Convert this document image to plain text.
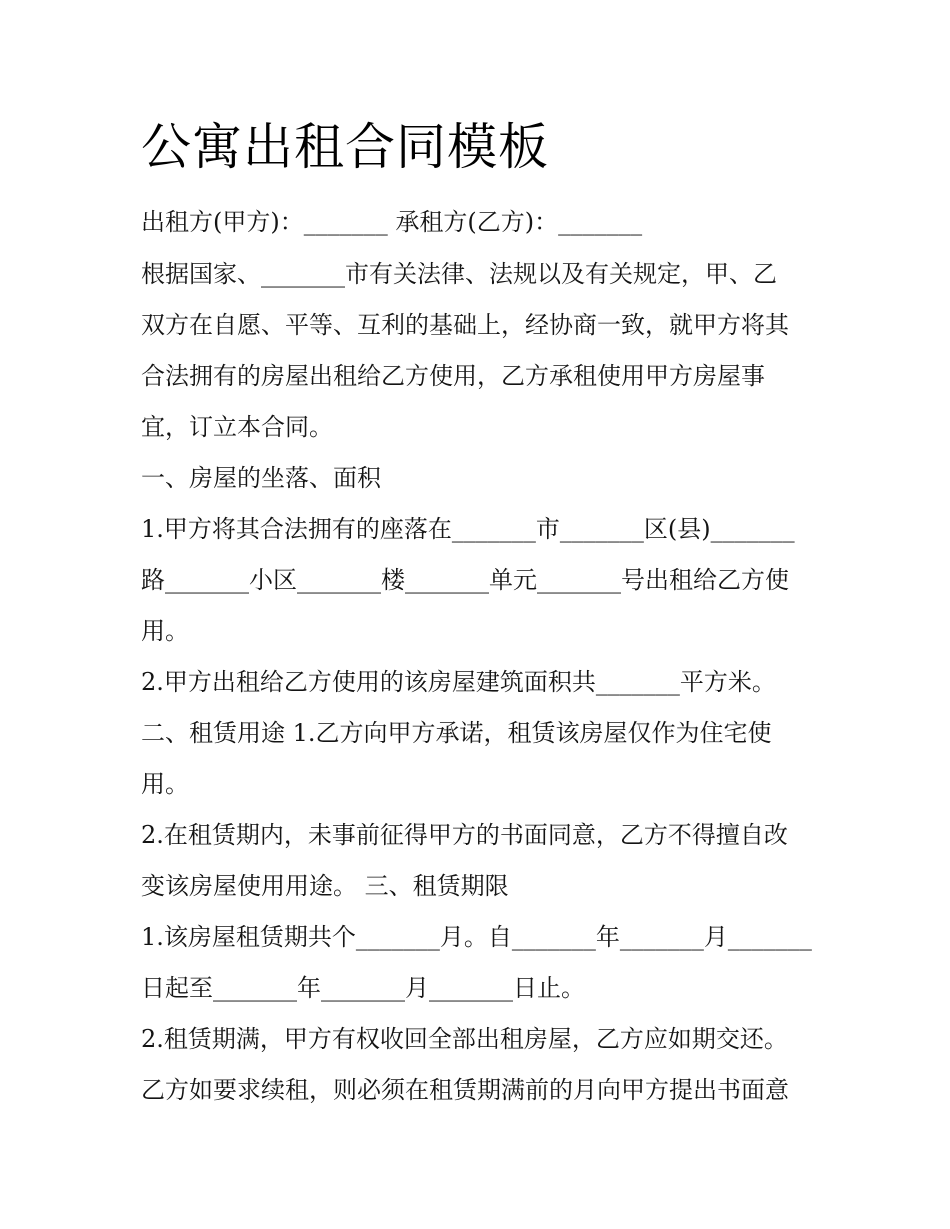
公寓出租合同模板
出租方(甲方)：_______ 承租方(乙方)：_______
根据国家、_______市有关法律、法规以及有关规定，甲、乙
双方在自愿、平等、互利的基础上，经协商一致，就甲方将其
合法拥有的房屋出租给乙方使用，乙方承租使用甲方房屋事
宜，订立本合同。
一、房屋的坐落、面积
1.甲方将其合法拥有的座落在_______市_______区(县)_______
路_______小区_______楼_______单元_______号出租给乙方使
用。
2.甲方出租给乙方使用的该房屋建筑面积共_______平方米。
二、租赁用途 1.乙方向甲方承诺，租赁该房屋仅作为住宅使
用。
2.在租赁期内，未事前征得甲方的书面同意，乙方不得擅自改
变该房屋使用用途。 三、租赁期限
1.该房屋租赁期共个_______月。自_______年_______月_______
日起至_______年_______月_______日止。
2.租赁期满，甲方有权收回全部出租房屋，乙方应如期交还。
乙方如要求续租，则必须在租赁期满前的月向甲方提出书面意
